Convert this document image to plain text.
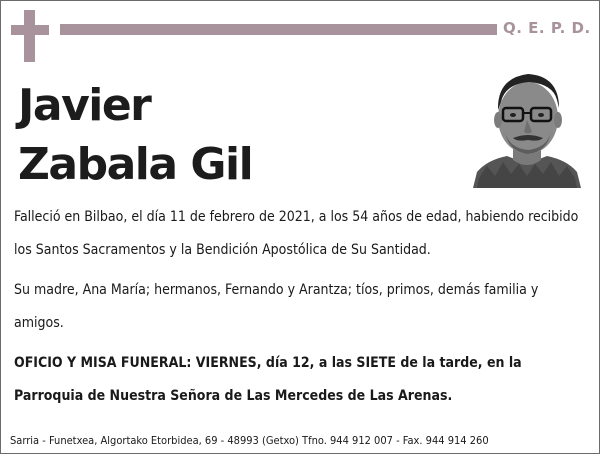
Q. E. P. D.
Javier
Zabala Gil

Falleció en Bilbao, el día 11 de febrero de 2021, a los 54 años de edad, habiendo recibido los Santos Sacramentos y la Bendición Apostólica de Su Santidad.

Su madre, Ana María; hermanos, Fernando y Arantza; tíos, primos, demás familia y amigos.

OFICIO Y MISA FUNERAL: VIERNES, día 12, a las SIETE de la tarde, en la Parroquia de Nuestra Señora de Las Mercedes de Las Arenas.

Sarria - Funetxea, Algortako Etorbidea, 69 - 48993 (Getxo) Tfno. 944 912 007 - Fax. 944 914 260
